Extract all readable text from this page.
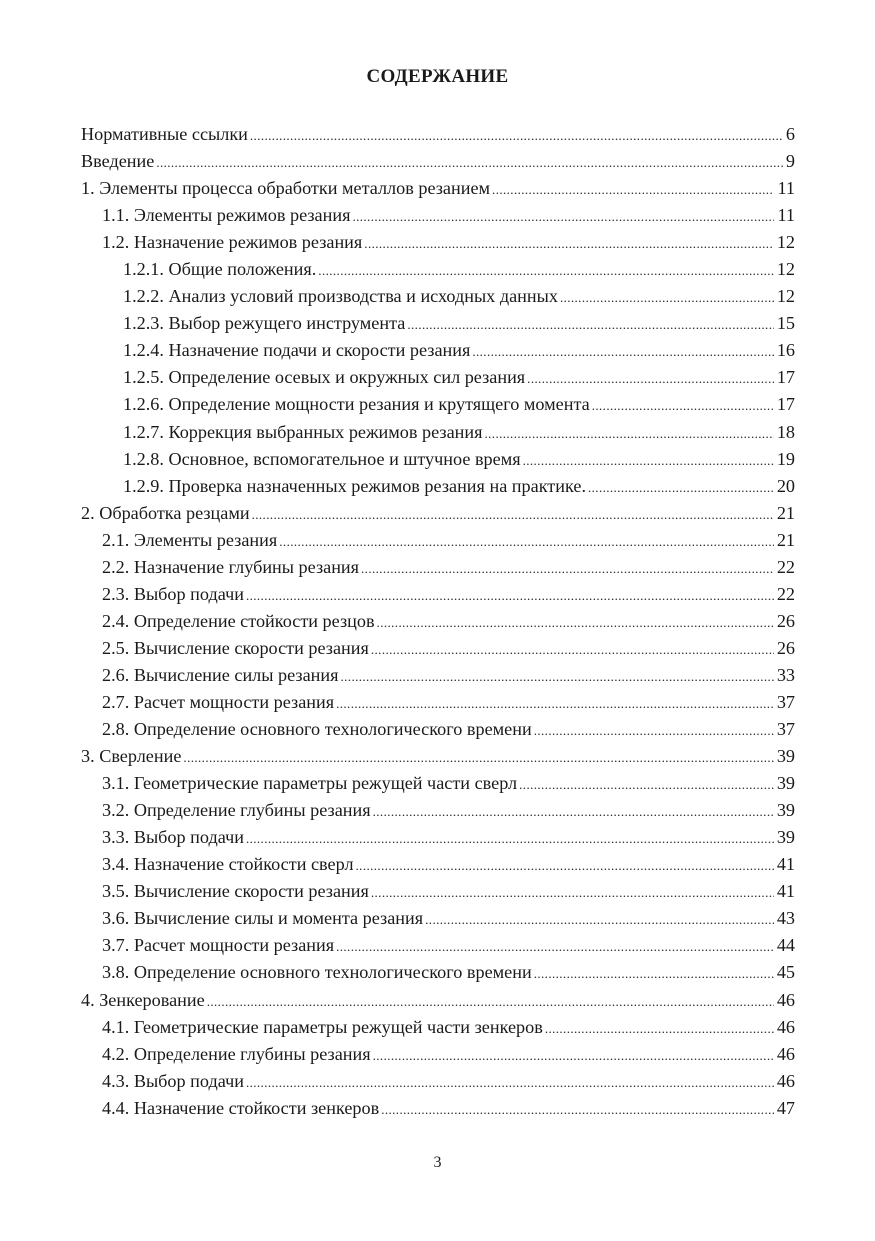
СОДЕРЖАНИЕ
Нормативные ссылки .....	6
Введение .....	9
1. Элементы процесса обработки металлов резанием .....	11
1.1. Элементы режимов резания .....	11
1.2. Назначение режимов резания .....	12
1.2.1. Общие положения. .....	12
1.2.2. Анализ условий производства и исходных данных .....	12
1.2.3. Выбор режущего инструмента .....	15
1.2.4. Назначение подачи и скорости резания .....	16
1.2.5. Определение осевых и окружных сил резания .....	17
1.2.6. Определение мощности резания и крутящего момента .....	17
1.2.7. Коррекция выбранных режимов резания .....	18
1.2.8. Основное, вспомогательное и штучное время .....	19
1.2.9. Проверка назначенных режимов резания на практике. .....	20
2. Обработка резцами .....	21
2.1. Элементы резания .....	21
2.2. Назначение глубины резания .....	22
2.3. Выбор подачи .....	22
2.4. Определение стойкости резцов .....	26
2.5. Вычисление скорости резания .....	26
2.6. Вычисление силы резания .....	33
2.7. Расчет мощности резания .....	37
2.8. Определение основного технологического времени .....	37
3. Сверление .....	39
3.1. Геометрические параметры режущей части сверл .....	39
3.2. Определение глубины резания .....	39
3.3. Выбор подачи .....	39
3.4. Назначение стойкости сверл .....	41
3.5. Вычисление скорости резания .....	41
3.6. Вычисление силы и момента резания .....	43
3.7. Расчет мощности резания .....	44
3.8. Определение основного технологического времени .....	45
4. Зенкерование .....	46
4.1. Геометрические параметры режущей части зенкеров .....	46
4.2. Определение глубины резания .....	46
4.3. Выбор подачи .....	46
4.4. Назначение стойкости зенкеров .....	47
3
